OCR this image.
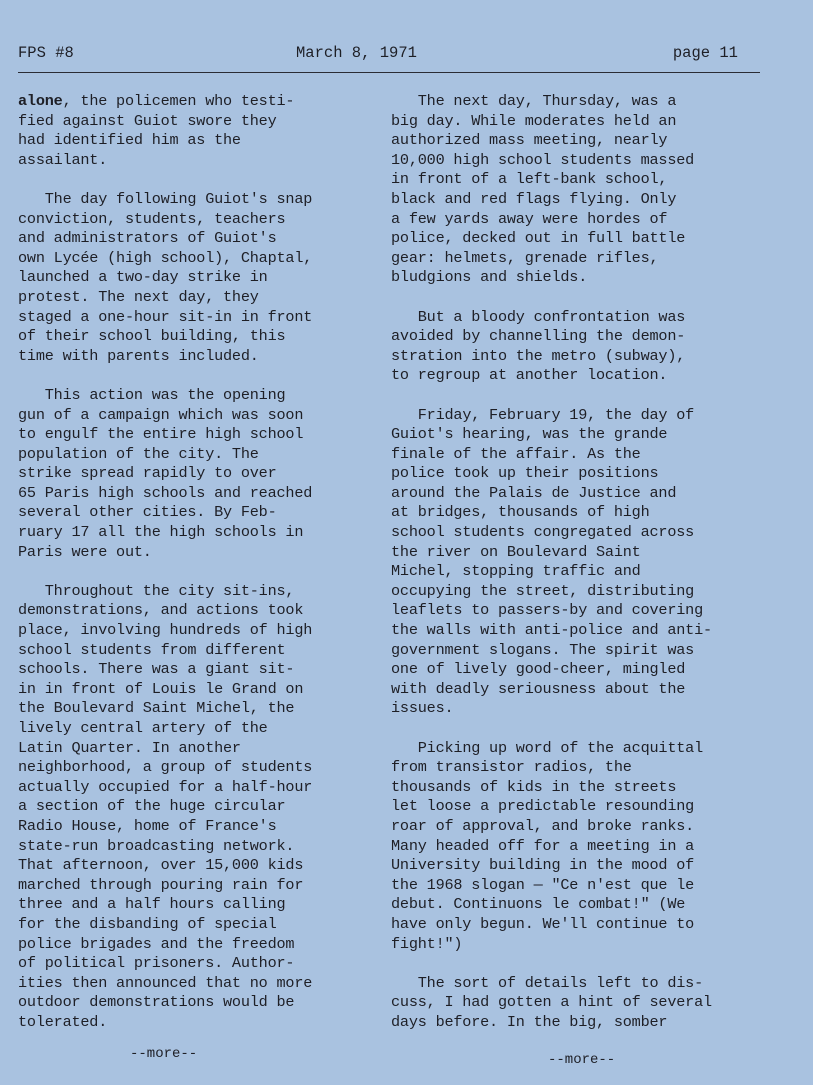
FPS #8	March 8, 1971	page 11

alone, the policemen who testi-
fied against Guiot swore they
had identified him as the
assailant.

The day following Guiot's snap
conviction, students, teachers
and administrators of Guiot's
own Lycée (high school), Chaptal,
launched a two-day strike in
protest. The next day, they
staged a one-hour sit-in in front
of their school building, this
time with parents included.

This action was the opening
gun of a campaign which was soon
to engulf the entire high school
population of the city. The
strike spread rapidly to over
65 Paris high schools and reached
several other cities. By Feb-
ruary 17 all the high schools in
Paris were out.

Throughout the city sit-ins,
demonstrations, and actions took
place, involving hundreds of high
school students from different
schools. There was a giant sit-
in in front of Louis le Grand on
the Boulevard Saint Michel, the
lively central artery of the
Latin Quarter. In another
neighborhood, a group of students
actually occupied for a half-hour
a section of the huge circular
Radio House, home of France's
state-run broadcasting network.
That afternoon, over 15,000 kids
marched through pouring rain for
three and a half hours calling
for the disbanding of special
police brigades and the freedom
of political prisoners. Author-
ities then announced that no more
outdoor demonstrations would be
tolerated.

--more--

The next day, Thursday, was a
big day. While moderates held an
authorized mass meeting, nearly
10,000 high school students massed
in front of a left-bank school,
black and red flags flying. Only
a few yards away were hordes of
police, decked out in full battle
gear: helmets, grenade rifles,
bludgions and shields.

But a bloody confrontation was
avoided by channelling the demon-
stration into the metro (subway),
to regroup at another location.

Friday, February 19, the day of
Guiot's hearing, was the grande
finale of the affair. As the
police took up their positions
around the Palais de Justice and
at bridges, thousands of high
school students congregated across
the river on Boulevard Saint
Michel, stopping traffic and
occupying the street, distributing
leaflets to passers-by and covering
the walls with anti-police and anti-
government slogans. The spirit was
one of lively good-cheer, mingled
with deadly seriousness about the
issues.

Picking up word of the acquittal
from transistor radios, the
thousands of kids in the streets
let loose a predictable resounding
roar of approval, and broke ranks.
Many headed off for a meeting in a
University building in the mood of
the 1968 slogan — "Ce n'est que le
debut. Continuons le combat!" (We
have only begun. We'll continue to
fight!")

The sort of details left to dis-
cuss, I had gotten a hint of several
days before. In the big, somber

--more--
